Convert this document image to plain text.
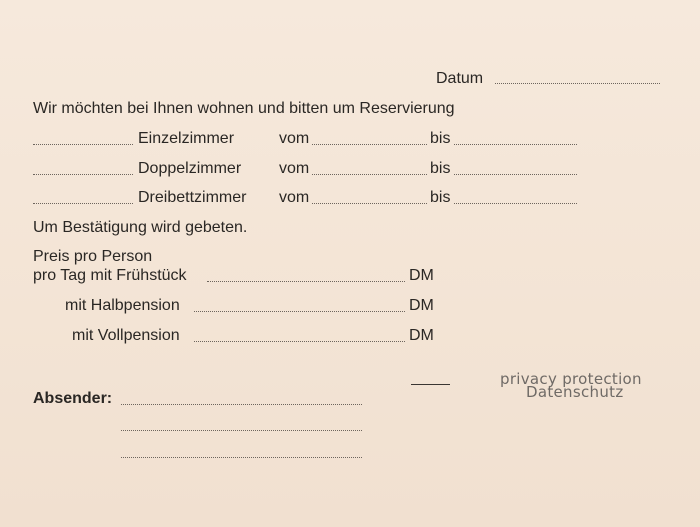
Datum
Wir möchten bei Ihnen wohnen und bitten um Reservierung
Einzelzimmer	vom	bis
Doppelzimmer vom	bis
Dreibettzimmer vom	bis
Um Bestätigung wird gebeten.
Preis pro Person
pro Tag mit Frühstück	DM
mit Halbpension	DM
mit Vollpension	DM
privacy protection
Datenschutz
Absender:
